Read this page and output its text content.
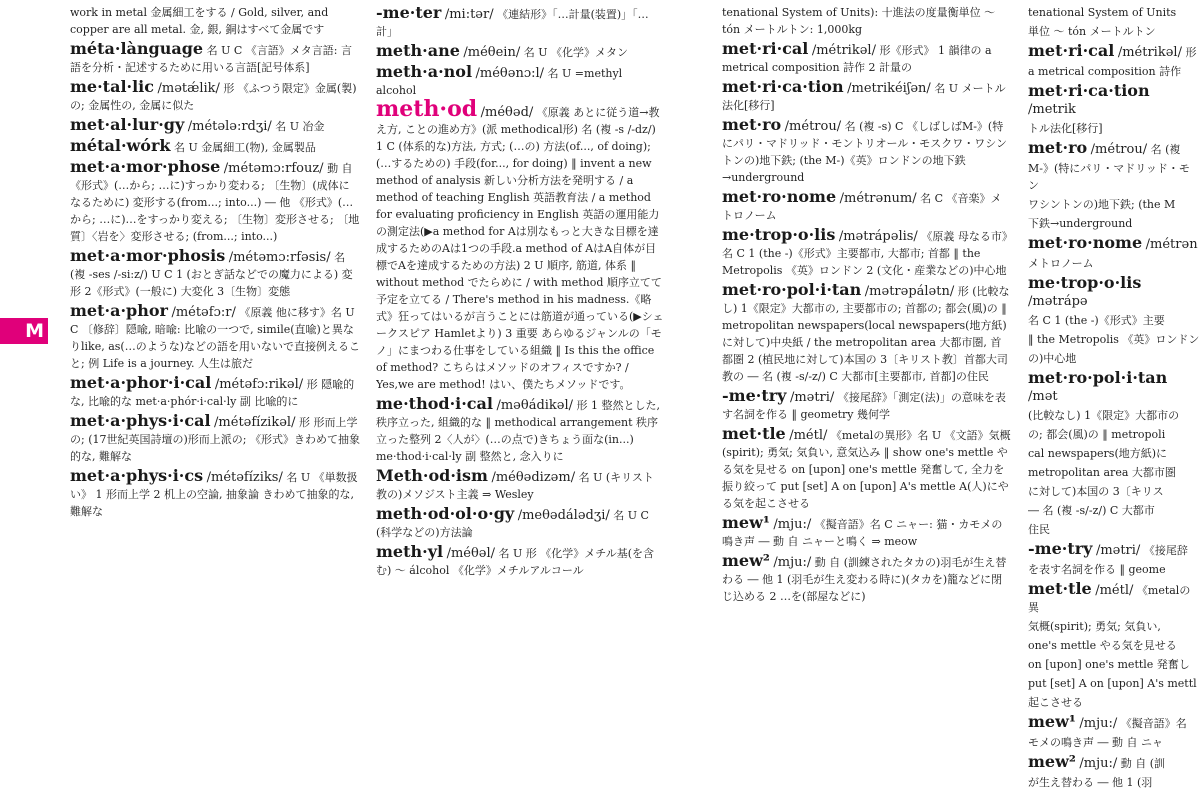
M

work in metal 金属細工をする / Gold, silver, and copper are all metal. 金, 銀, 銅はすべて金属です

méta·lànguage 名 U C 《言語》メタ言語: 言語を分析・記述するために用いる言語[記号体系]

me·tal·lic /mətǽlik/ 形 《ふつう限定》金属(製)の; 金属性の, 金属に似た

met·al·lur·gy /métələ:rdʒi/ 名 U 冶金

métal·wórk 名 U 金属細工(物), 金属製品

met·a·mor·phose /métəmɔ:rfouz/ 動 自 《形式》(…から; …に)すっかり変わる; 〔生物〕(成体になるために) 変形する(from...; into...) ― 他 《形式》(…から; …に)…をすっかり変える; 〔生物〕変形させる; 〔地質〕〈岩を〉変形させる; (from...; into...)

met·a·mor·phosis /métəmɔ:rfəsis/ 名 (複 -ses /-si:z/) U C 1 (おとぎ話などでの魔力による) 変形 2《形式》(一般に) 大変化 3〔生物〕変態

met·a·phor /métəfɔ:r/ 《原義 他に移す》名 U C 〔修辞〕隠喩, 暗喩: 比喩の一つで, simile(直喩)と異なりlike, as(…のような)などの語を用いないで直接例えること; 例 Life is a journey. 人生は旅だ

met·a·phor·i·cal /métəfɔ:rikəl/ 形 隠喩的な, 比喩的な met·a·phór·i·cal·ly 副 比喩的に

met·a·phys·i·cal /métəfízikəl/ 形 形而上学の; (17世紀英国詩壇の)形而上派の; 《形式》きわめて抽象的な, 難解な

met·a·phys·i·cs /métəfíziks/ 名 U 《単数扱い》 1 形而上学 2 机上の空論, 抽象論 きわめて抽象的な, 難解な

-me·ter /mi:tər/ 《連結形》「…計量(装置)」「…計」

meth·ane /méθein/ 名 U 《化学》メタン

meth·a·nol /méθənɔ:l/ 名 U =methyl alcohol

meth·od /méθəd/ 《原義 あとに従う道→教え方, ことの進め方》(派 methodical形) 名 (複 -s /-dz/) 1 C (体系的な)方法, 方式; (…の) 方法(of..., of doing); (…するための) 手段(for..., for doing) ‖ invent a new method of analysis 新しい分析方法を発明する / a method of teaching English 英語教育法 / a method for evaluating proficiency in English 英語の運用能力の測定法(▶a method for Aは別なもっと大きな目標を達成するためのAは1つの手段.a method of AはA自体が目標でAを達成するための方法) 2 U 順序, 筋道, 体系 ‖ without method でたらめに / with method 順序立てて予定を立てる / There's method in his madness.《略式》狂ってはいるが言うことには筋道が通っている(▶シェークスピア Hamletより) 3 重要 あらゆるジャンルの「モノ」にまつわる仕事をしている組織 ‖ Is this the office of method? こちらはメソッドのオフィスですか? / Yes,we are method! はい、僕たちメソッドです。

me·thod·i·cal /məθádikəl/ 形 1 整然とした, 秩序立った, 組織的な ‖ methodical arrangement 秩序立った整列 2〈人が〉(…の点で)きちょう面な(in...) me·thod·i·cal·ly 副 整然と, 念入りに

Meth·od·ism /méθədizəm/ 名 U (キリスト教の)メソジスト主義 ⇒ Wesley

meth·od·ol·o·gy /meθədálədʒi/ 名 U C (科学などの)方法論

meth·yl /méθəl/ 名 U 形 《化学》メチル基(を含む) 〜 álcohol 《化学》メチルアルコール

tenational System of Units): 十進法の度量衡単位 〜 tón メートルトン: 1,000kg

met·ri·cal /métrikəl/ 形《形式》 1 韻律の a metrical composition 詩作 2 計量の

met·ri·ca·tion /metrikéiʃən/ 名 U メートル法化[移行]

met·ro /métrou/ 名 (複 -s) C 《しばしばM-》(特にパリ・マドリッド・モントリオール・モスクワ・ワシントンの)地下鉄; (the M-)《英》ロンドンの地下鉄→underground

met·ro·nome /métrənum/ 名 C 《音楽》メトロノーム

me·trop·o·lis /mətrápəlis/ 《原義 母なる市》名 C 1 (the -)《形式》主要都市, 大都市; 首都 ‖ the Metropolis 《英》ロンドン 2 (文化・産業などの)中心地

met·ro·pol·i·tan /mətrəpálətn/ 形 (比較なし) 1《限定》大都市の, 主要都市の; 首都の; 都会(風)の ‖ metropolitan newspapers(local newspapers(地方紙)に対して)中央紙 / the metropolitan area 大都市圏, 首都圏 2 (植民地に対して)本国の 3〔キリスト教〕首都大司教の ― 名 (複 -s/-z/) C 大都市[主要都市, 首都]の住民

-me·try /mətri/ 《接尾辞》「測定(法)」の意味を表す名詞を作る ‖ geometry 幾何学

met·tle /métl/ 《metalの異形》名 U 《文語》気概(spirit); 勇気; 気負い, 意気込み ‖ show one's mettle やる気を見せる on [upon] one's mettle 発奮して, 全力を振り絞って put [set] A on [upon] A's mettle A(人)にやる気を起こさせる

mew¹ /mju:/ 《擬音語》名 C ニャー: 猫・カモメの鳴き声 ― 動 自 ニャーと鳴く ⇒ meow

mew² /mju:/ 動 自 (訓練されたタカの)羽毛が生え替わる ― 他 1 (羽毛が生え変わる時に)(タカを)籠などに閉じ込める 2 …を(部屋などに)

tenational System of Units

単位 〜 tón メートルトン

met·ri·cal /métrikəl/ 形

a metrical composition 詩作

met·ri·ca·tion /metrik

トル法化[移行]

met·ro /métrou/ 名 (複

M-》(特にパリ・マドリッド・モン

ワシントンの)地下鉄; (the M

下鉄→underground

met·ro·nome /métrən

メトロノーム

me·trop·o·lis /mətrápə

名 C 1 (the -)《形式》主要

‖ the Metropolis 《英》ロンドン

の)中心地

met·ro·pol·i·tan /mət

(比較なし) 1《限定》大都市の

の; 都会(風)の ‖ metropoli

cal newspapers(地方紙)に

metropolitan area 大都市圏

に対して)本国の 3〔キリス

― 名 (複 -s/-z/) C 大都市

住民

-me·try /mətri/ 《接尾辞

を表す名詞を作る ‖ geome

met·tle /métl/ 《metalの異

気概(spirit); 勇気; 気負い,

one's mettle やる気を見せる

on [upon] one's mettle 発奮し

put [set] A on [upon] A's mettl

起こさせる

mew¹ /mju:/ 《擬音語》名

モメの鳴き声 ― 動 自 ニャ

mew² /mju:/ 動 自 (訓

が生え替わる ― 他 1 (羽
